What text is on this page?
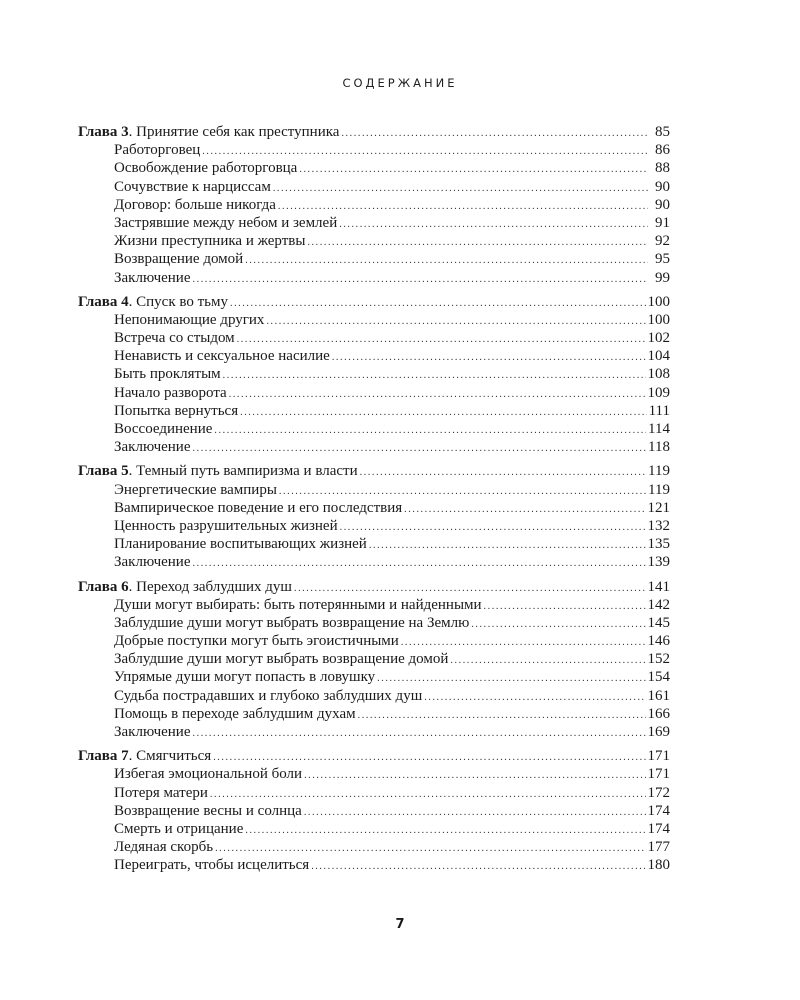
СОДЕРЖАНИЕ
Глава 3. Принятие себя как преступника .....	85
Работорговец .....	86
Освобождение работорговца .....	88
Сочувствие к нарциссам .....	90
Договор: больше никогда .....	90
Застрявшие между небом и землей .....	91
Жизни преступника и жертвы .....	92
Возвращение домой .....	95
Заключение .....	99
Глава 4. Спуск во тьму .....	100
Непонимающие других .....	100
Встреча со стыдом .....	102
Ненависть и сексуальное насилие .....	104
Быть проклятым .....	108
Начало разворота .....	109
Попытка вернуться .....	111
Воссоединение .....	114
Заключение .....	118
Глава 5. Темный путь вампиризма и власти .....	119
Энергетические вампиры .....	119
Вампирическое поведение и его последствия .....	121
Ценность разрушительных жизней .....	132
Планирование воспитывающих жизней .....	135
Заключение .....	139
Глава 6. Переход заблудших душ .....	141
Души могут выбирать: быть потерянными и найденными .....	142
Заблудшие души могут выбрать возвращение на Землю .....	145
Добрые поступки могут быть эгоистичными .....	146
Заблудшие души могут выбрать возвращение домой .....	152
Упрямые души могут попасть в ловушку .....	154
Судьба пострадавших и глубоко заблудших душ .....	161
Помощь в переходе заблудшим духам .....	166
Заключение .....	169
Глава 7. Смягчиться .....	171
Избегая эмоциональной боли .....	171
Потеря матери .....	172
Возвращение весны и солнца .....	174
Смерть и отрицание .....	174
Ледяная скорбь .....	177
Переиграть, чтобы исцелиться .....	180
7
